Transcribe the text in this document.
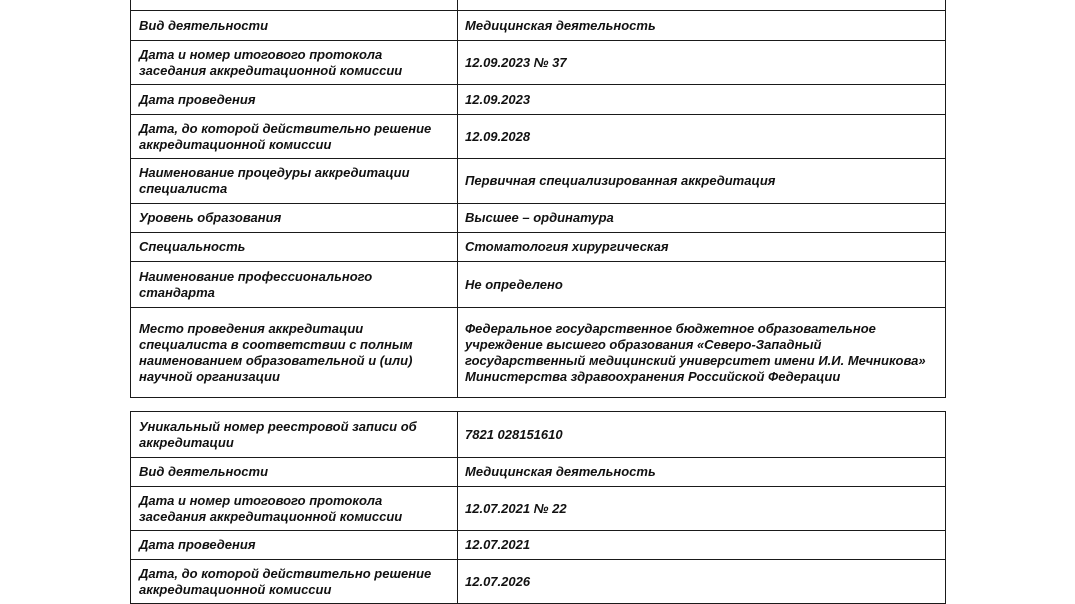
Вид деятельности	Медицинская деятельность
Дата и номер итогового протокола заседания аккредитационной комиссии	12.09.2023 № 37
Дата проведения	12.09.2023
Дата, до которой действительно решение аккредитационной комиссии	12.09.2028
Наименование процедуры аккредитации специалиста	Первичная специализированная аккредитация
Уровень образования	Высшее – ординатура
Специальность	Стоматология хирургическая
Наименование профессионального стандарта	Не определено
Место проведения аккредитации специалиста в соответствии с полным наименованием образовательной и (или) научной организации	Федеральное государственное бюджетное образовательное учреждение высшего образования «Северо-Западный государственный медицинский университет имени И.И. Мечникова» Министерства здравоохранения Российской Федерации
Уникальный номер реестровой записи об аккредитации	7821 028151610
Вид деятельности	Медицинская деятельность
Дата и номер итогового протокола заседания аккредитационной комиссии	12.07.2021 № 22
Дата проведения	12.07.2021
Дата, до которой действительно решение аккредитационной комиссии	12.07.2026
